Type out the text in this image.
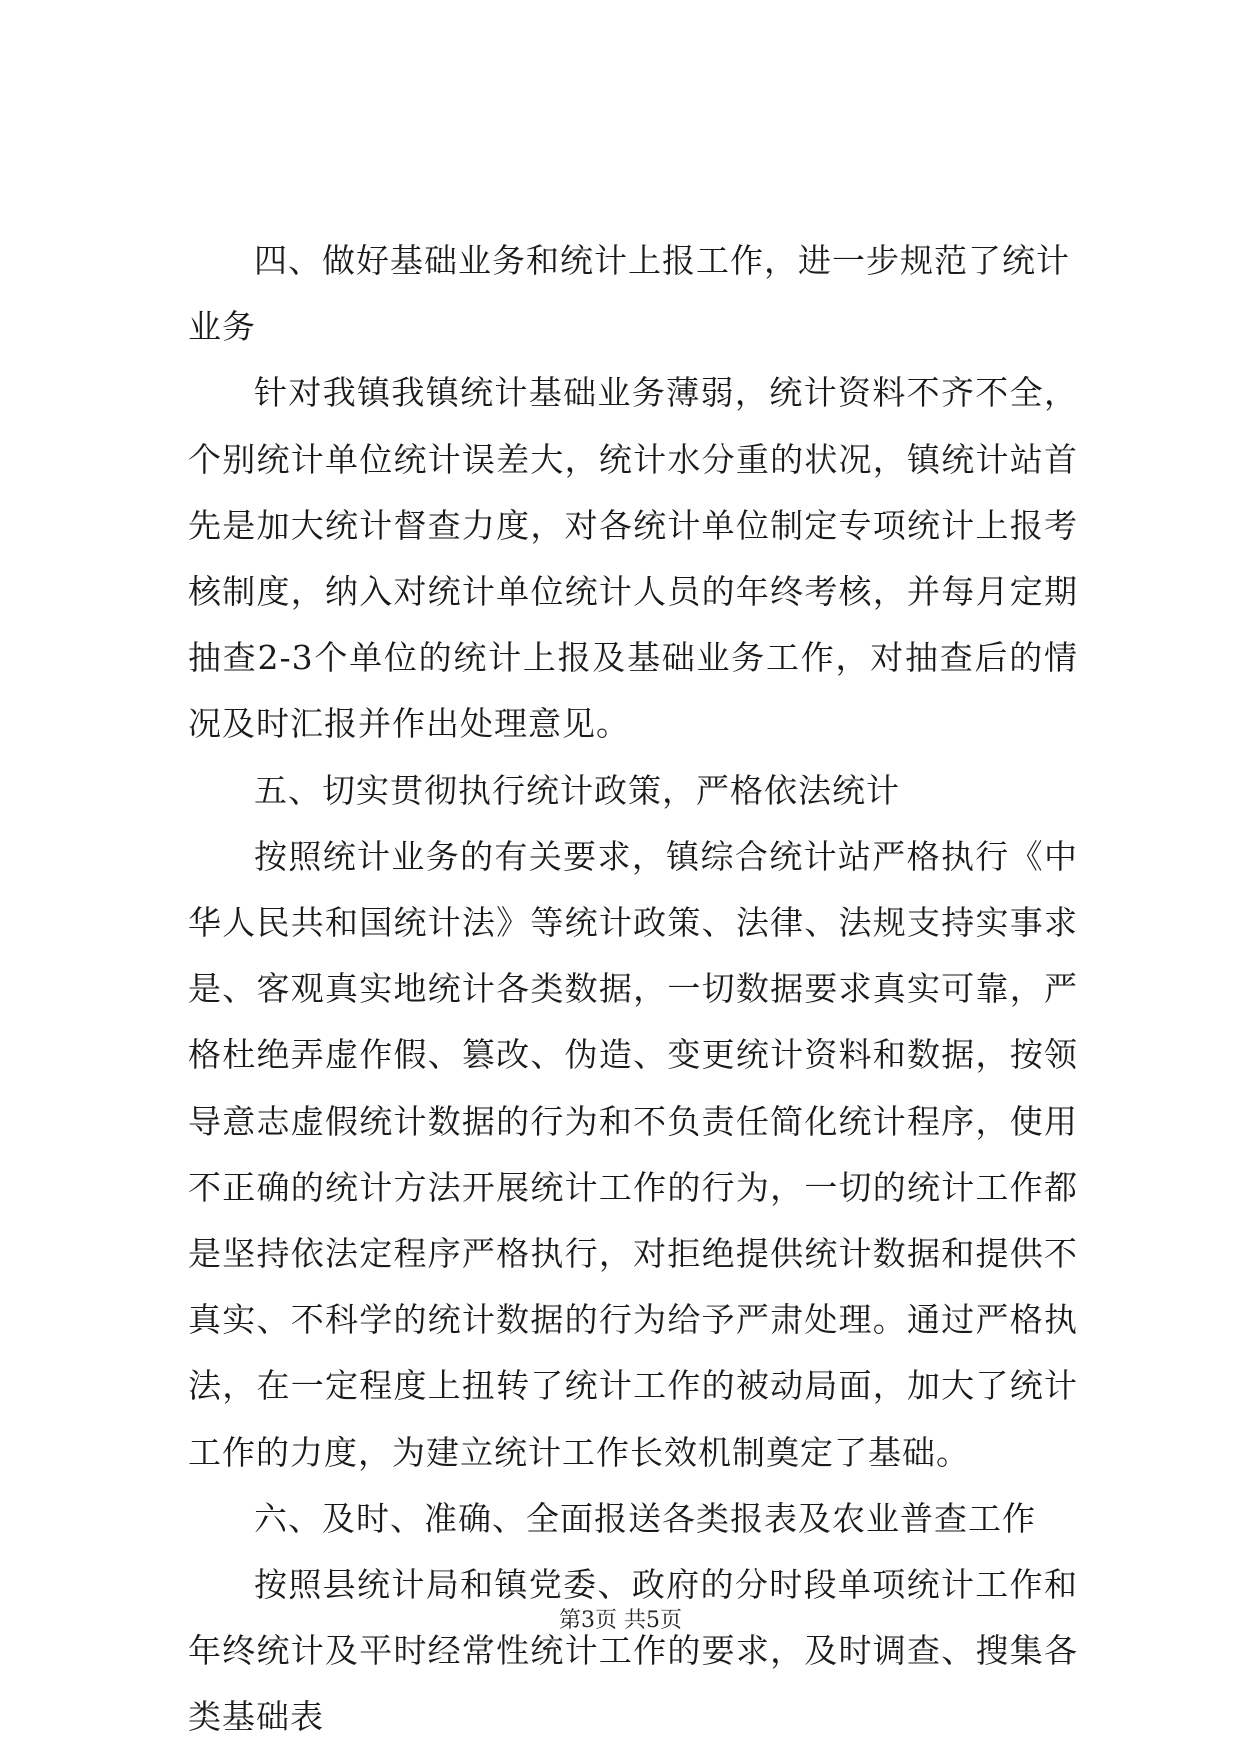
四、做好基础业务和统计上报工作，进一步规范了统计业务

针对我镇我镇统计基础业务薄弱，统计资料不齐不全，个别统计单位统计误差大，统计水分重的状况，镇统计站首先是加大统计督查力度，对各统计单位制定专项统计上报考核制度，纳入对统计单位统计人员的年终考核，并每月定期抽查2-3个单位的统计上报及基础业务工作，对抽查后的情况及时汇报并作出处理意见。

五、切实贯彻执行统计政策，严格依法统计

按照统计业务的有关要求，镇综合统计站严格执行《中华人民共和国统计法》等统计政策、法律、法规支持实事求是、客观真实地统计各类数据，一切数据要求真实可靠，严格杜绝弄虚作假、篡改、伪造、变更统计资料和数据，按领导意志虚假统计数据的行为和不负责任简化统计程序，使用不正确的统计方法开展统计工作的行为，一切的统计工作都是坚持依法定程序严格执行，对拒绝提供统计数据和提供不真实、不科学的统计数据的行为给予严肃处理。通过严格执法，在一定程度上扭转了统计工作的被动局面，加大了统计工作的力度，为建立统计工作长效机制奠定了基础。

六、及时、准确、全面报送各类报表及农业普查工作

按照县统计局和镇党委、政府的分时段单项统计工作和年终统计及平时经常性统计工作的要求，及时调查、搜集各类基础表

第3页 共5页
